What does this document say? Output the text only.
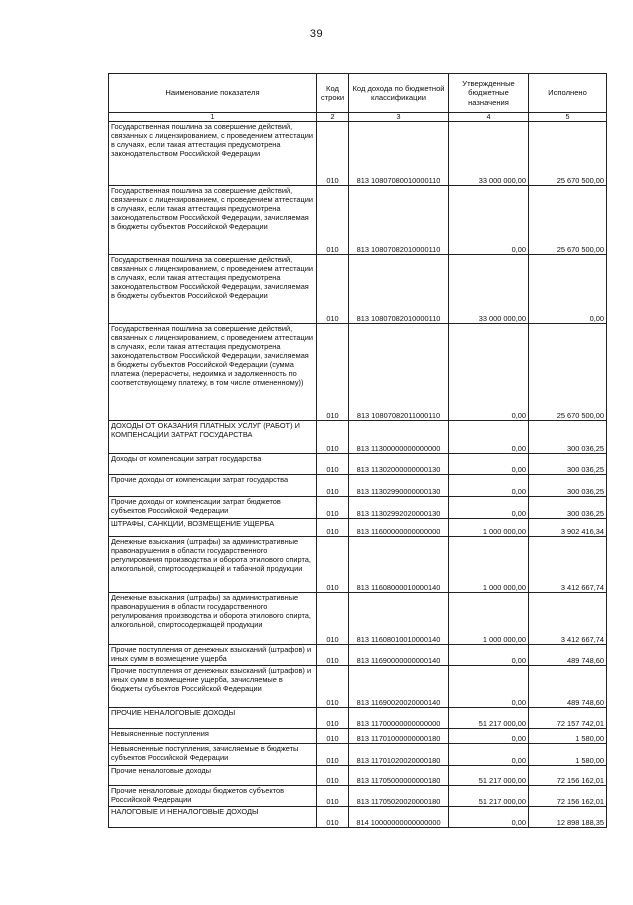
39
Наименование показателя	Код строки	Код дохода по бюджетной классификации	Утвержденные бюджетные назначения	Исполнено
1	2	3	4	5
Государственная пошлина за совершение действий, связанных с лицензированием, с проведением аттестации в случаях, если такая аттестация предусмотрена законодательством Российской Федерации	010	813 10807080010000110	33 000 000,00	25 670 500,00
Государственная пошлина за совершение действий, связанных с лицензированием, с проведением аттестации в случаях, если такая аттестация предусмотрена законодательством Российской Федерации, зачисляемая в бюджеты субъектов Российской Федерации	010	813 10807082010000110	0,00	25 670 500,00
Государственная пошлина за совершение действий, связанных с лицензированием, с проведением аттестации в случаях, если такая аттестация предусмотрена законодательством Российской Федерации, зачисляемая в бюджеты субъектов Российской Федерации	010	813 10807082010000110	33 000 000,00	0,00
Государственная пошлина за совершение действий, связанных с лицензированием, с проведением аттестации в случаях, если такая аттестация предусмотрена законодательством Российской Федерации, зачисляемая в бюджеты субъектов Российской Федерации (сумма платежа (перерасчеты, недоимка и задолженность по соответствующему платежу, в том числе отмененному))	010	813 10807082011000110	0,00	25 670 500,00
ДОХОДЫ ОТ ОКАЗАНИЯ ПЛАТНЫХ УСЛУГ (РАБОТ) И КОМПЕНСАЦИИ ЗАТРАТ ГОСУДАРСТВА	010	813 11300000000000000	0,00	300 036,25
Доходы от компенсации затрат государства	010	813 11302000000000130	0,00	300 036,25
Прочие доходы от компенсации затрат государства	010	813 11302990000000130	0,00	300 036,25
Прочие доходы от компенсации затрат бюджетов субъектов Российской Федерации	010	813 11302992020000130	0,00	300 036,25
ШТРАФЫ, САНКЦИИ, ВОЗМЕЩЕНИЕ УЩЕРБА	010	813 11600000000000000	1 000 000,00	3 902 416,34
Денежные взыскания (штрафы) за административные правонарушения в области государственного регулирования производства и оборота этилового спирта, алкогольной, спиртосодержащей и табачной продукции	010	813 11608000010000140	1 000 000,00	3 412 667,74
Денежные взыскания (штрафы) за административные правонарушения в области государственного регулирования производства и оборота этилового спирта, алкогольной, спиртосодержащей продукции	010	813 11608010010000140	1 000 000,00	3 412 667,74
Прочие поступления от денежных взысканий (штрафов) и иных сумм в возмещение ущерба	010	813 11690000000000140	0,00	489 748,60
Прочие поступления от денежных взысканий (штрафов) и иных сумм в возмещение ущерба, зачисляемые в бюджеты субъектов Российской Федерации	010	813 11690020020000140	0,00	489 748,60
ПРОЧИЕ НЕНАЛОГОВЫЕ ДОХОДЫ	010	813 11700000000000000	51 217 000,00	72 157 742,01
Невыясненные поступления	010	813 11701000000000180	0,00	1 580,00
Невыясненные поступления, зачисляемые в бюджеты субъектов Российской Федерации	010	813 11701020020000180	0,00	1 580,00
Прочие неналоговые доходы	010	813 11705000000000180	51 217 000,00	72 156 162,01
Прочие неналоговые доходы бюджетов субъектов Российской Федерации	010	813 11705020020000180	51 217 000,00	72 156 162,01
НАЛОГОВЫЕ И НЕНАЛОГОВЫЕ ДОХОДЫ	010	814 10000000000000000	0,00	12 898 188,35
